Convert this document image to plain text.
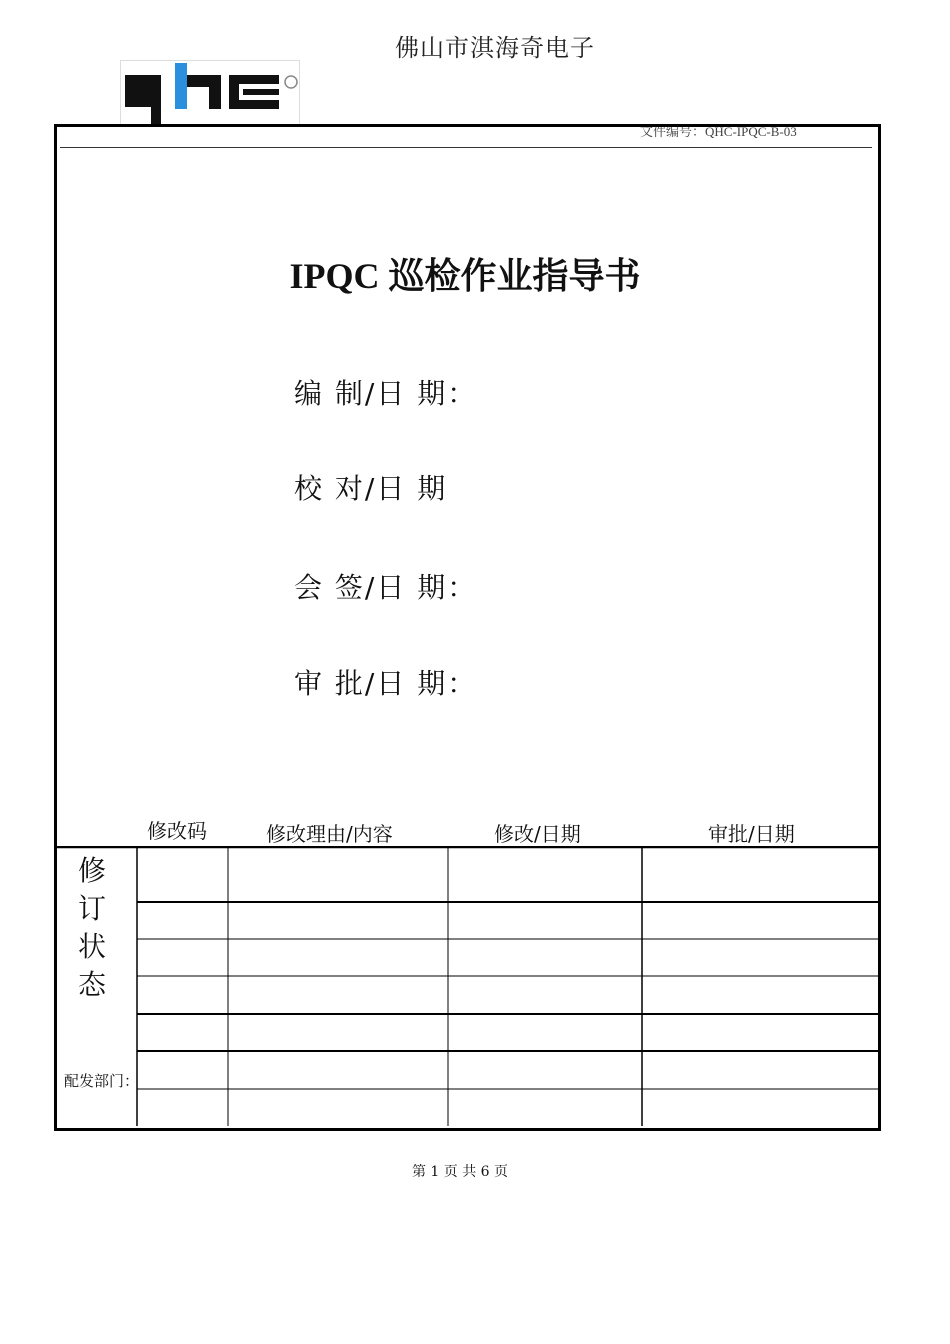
佛山市淇海奇电子
文件编号：QHC-IPQC-B-03
IPQC 巡检作业指导书
编 制/日 期：
校 对/日 期
会 签/日 期：
审 批/日 期：
修改码	修改理由/内容	修改/日期	审批/日期
修
订
状
态
配发部门：
第 1 页 共 6 页
